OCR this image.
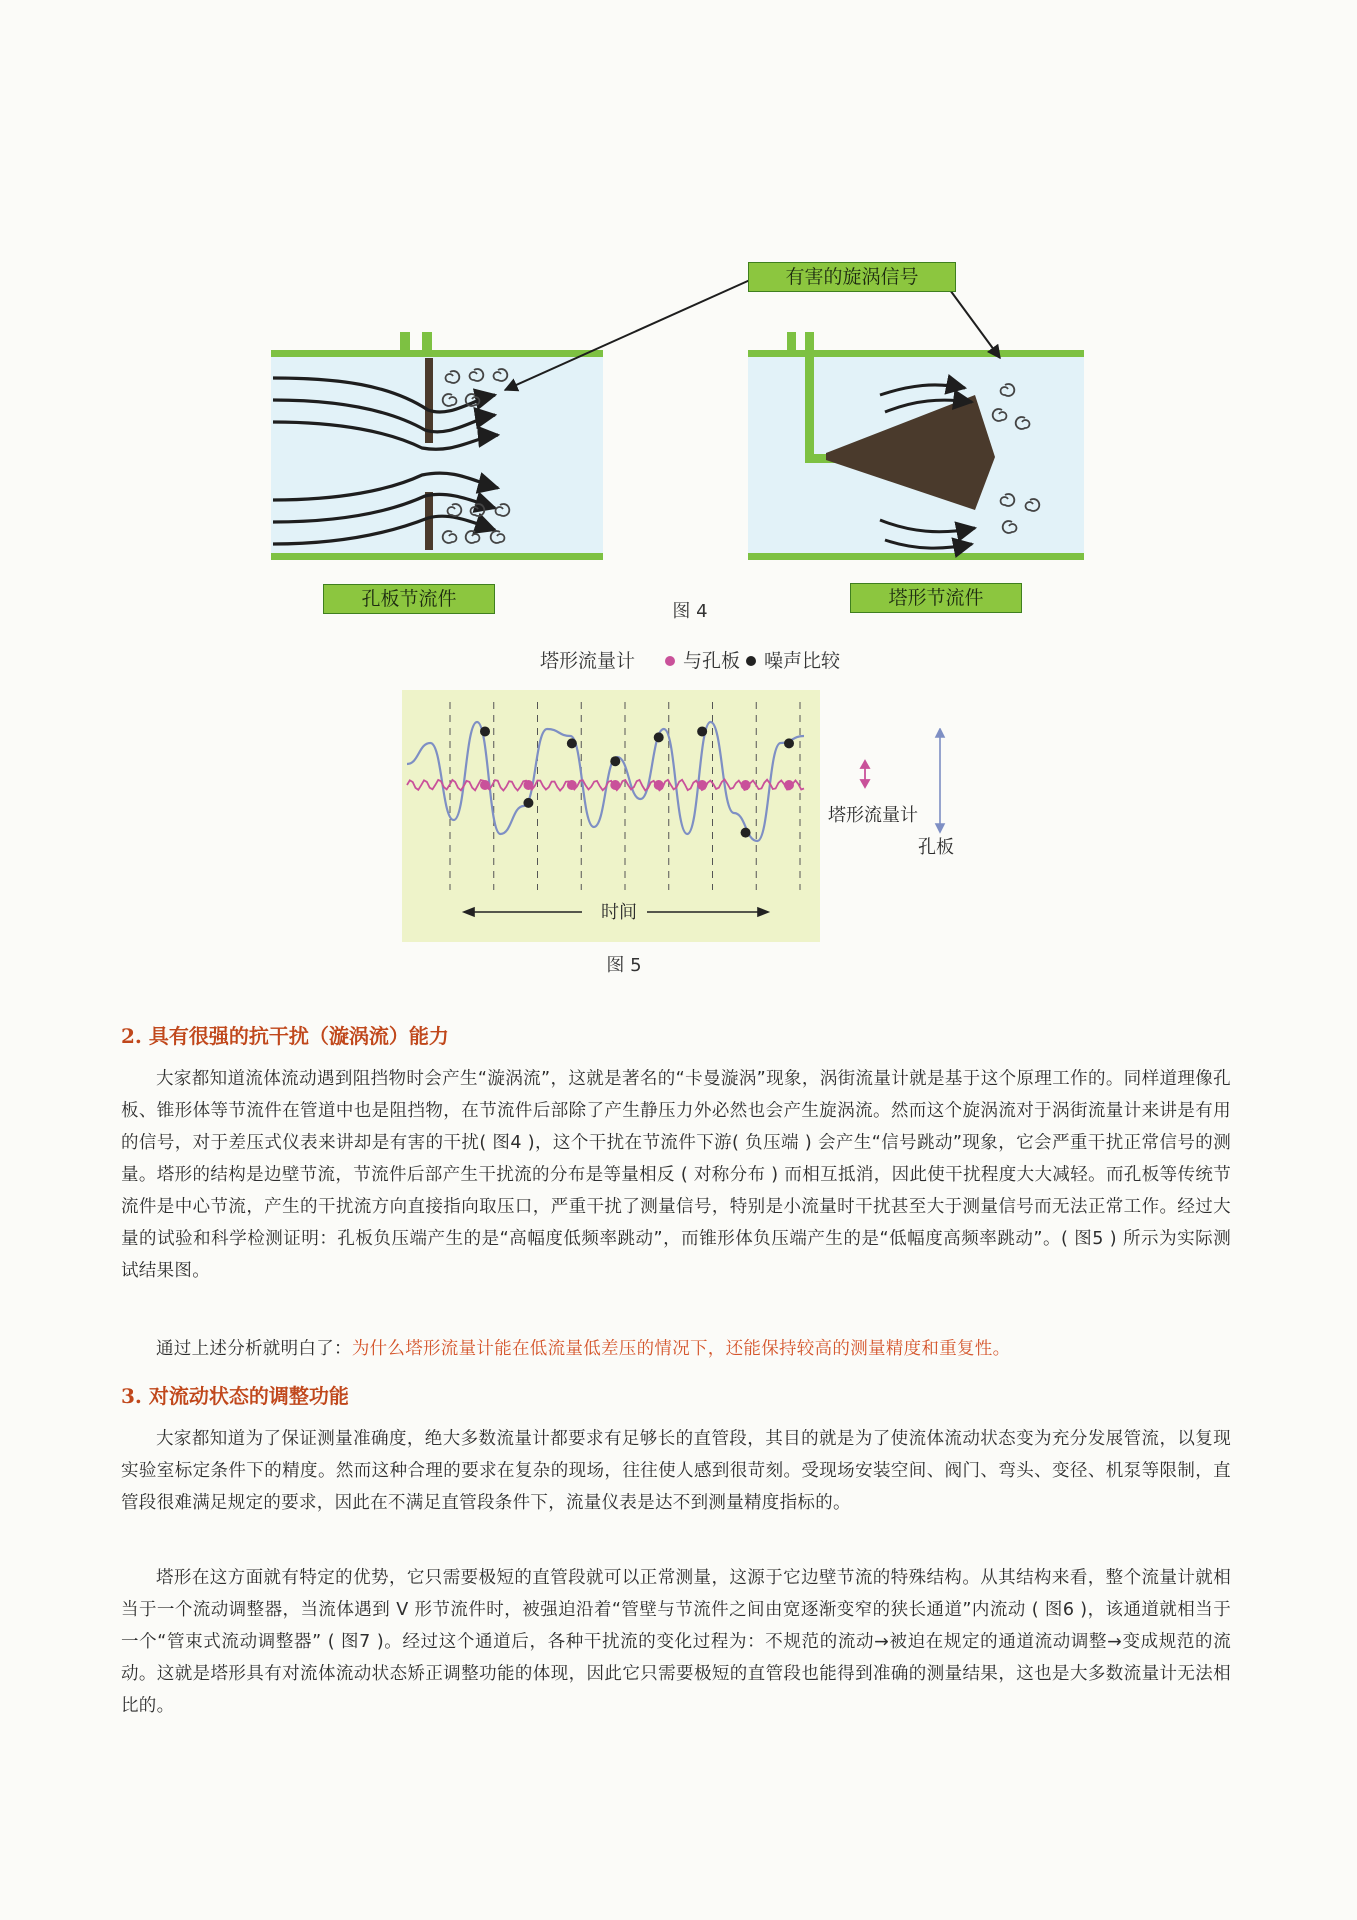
有害的旋涡信号
孔板节流件	塔形节流件
图 4
塔形流量计	与孔板 噪声比较
时间
塔形流量计
孔板
图 5
2. 具有很强的抗干扰（漩涡流）能力

大家都知道流体流动遇到阻挡物时会产生“漩涡流”，这就是著名的“卡曼漩涡”现象，涡街流量计就是基于这个原理工作的。同样道理像孔板、锥形体等节流件在管道中也是阻挡物，在节流件后部除了产生静压力外必然也会产生旋涡流。然而这个旋涡流对于涡街流量计来讲是有用的信号，对于差压式仪表来讲却是有害的干扰( 图4 )，这个干扰在节流件下游( 负压端 ) 会产生“信号跳动”现象，它会严重干扰正常信号的测量。塔形的结构是边壁节流，节流件后部产生干扰流的分布是等量相反 ( 对称分布 ) 而相互抵消，因此使干扰程度大大减轻。而孔板等传统节流件是中心节流，产生的干扰流方向直接指向取压口，严重干扰了测量信号，特别是小流量时干扰甚至大于测量信号而无法正常工作。经过大量的试验和科学检测证明：孔板负压端产生的是“高幅度低频率跳动”，而锥形体负压端产生的是“低幅度高频率跳动”。( 图5 ) 所示为实际测试结果图。

通过上述分析就明白了：为什么塔形流量计能在低流量低差压的情况下，还能保持较高的测量精度和重复性。

3. 对流动状态的调整功能

大家都知道为了保证测量准确度，绝大多数流量计都要求有足够长的直管段，其目的就是为了使流体流动状态变为充分发展管流，以复现实验室标定条件下的精度。然而这种合理的要求在复杂的现场，往往使人感到很苛刻。受现场安装空间、阀门、弯头、变径、机泵等限制，直管段很难满足规定的要求，因此在不满足直管段条件下，流量仪表是达不到测量精度指标的。

塔形在这方面就有特定的优势，它只需要极短的直管段就可以正常测量，这源于它边壁节流的特殊结构。从其结构来看，整个流量计就相当于一个流动调整器，当流体遇到 V 形节流件时，被强迫沿着“管壁与节流件之间由宽逐渐变窄的狭长通道”内流动 ( 图6 )，该通道就相当于一个“管束式流动调整器” ( 图7 )。经过这个通道后，各种干扰流的变化过程为：不规范的流动→被迫在规定的通道流动调整→变成规范的流动。这就是塔形具有对流体流动状态矫正调整功能的体现，因此它只需要极短的直管段也能得到准确的测量结果，这也是大多数流量计无法相比的。
